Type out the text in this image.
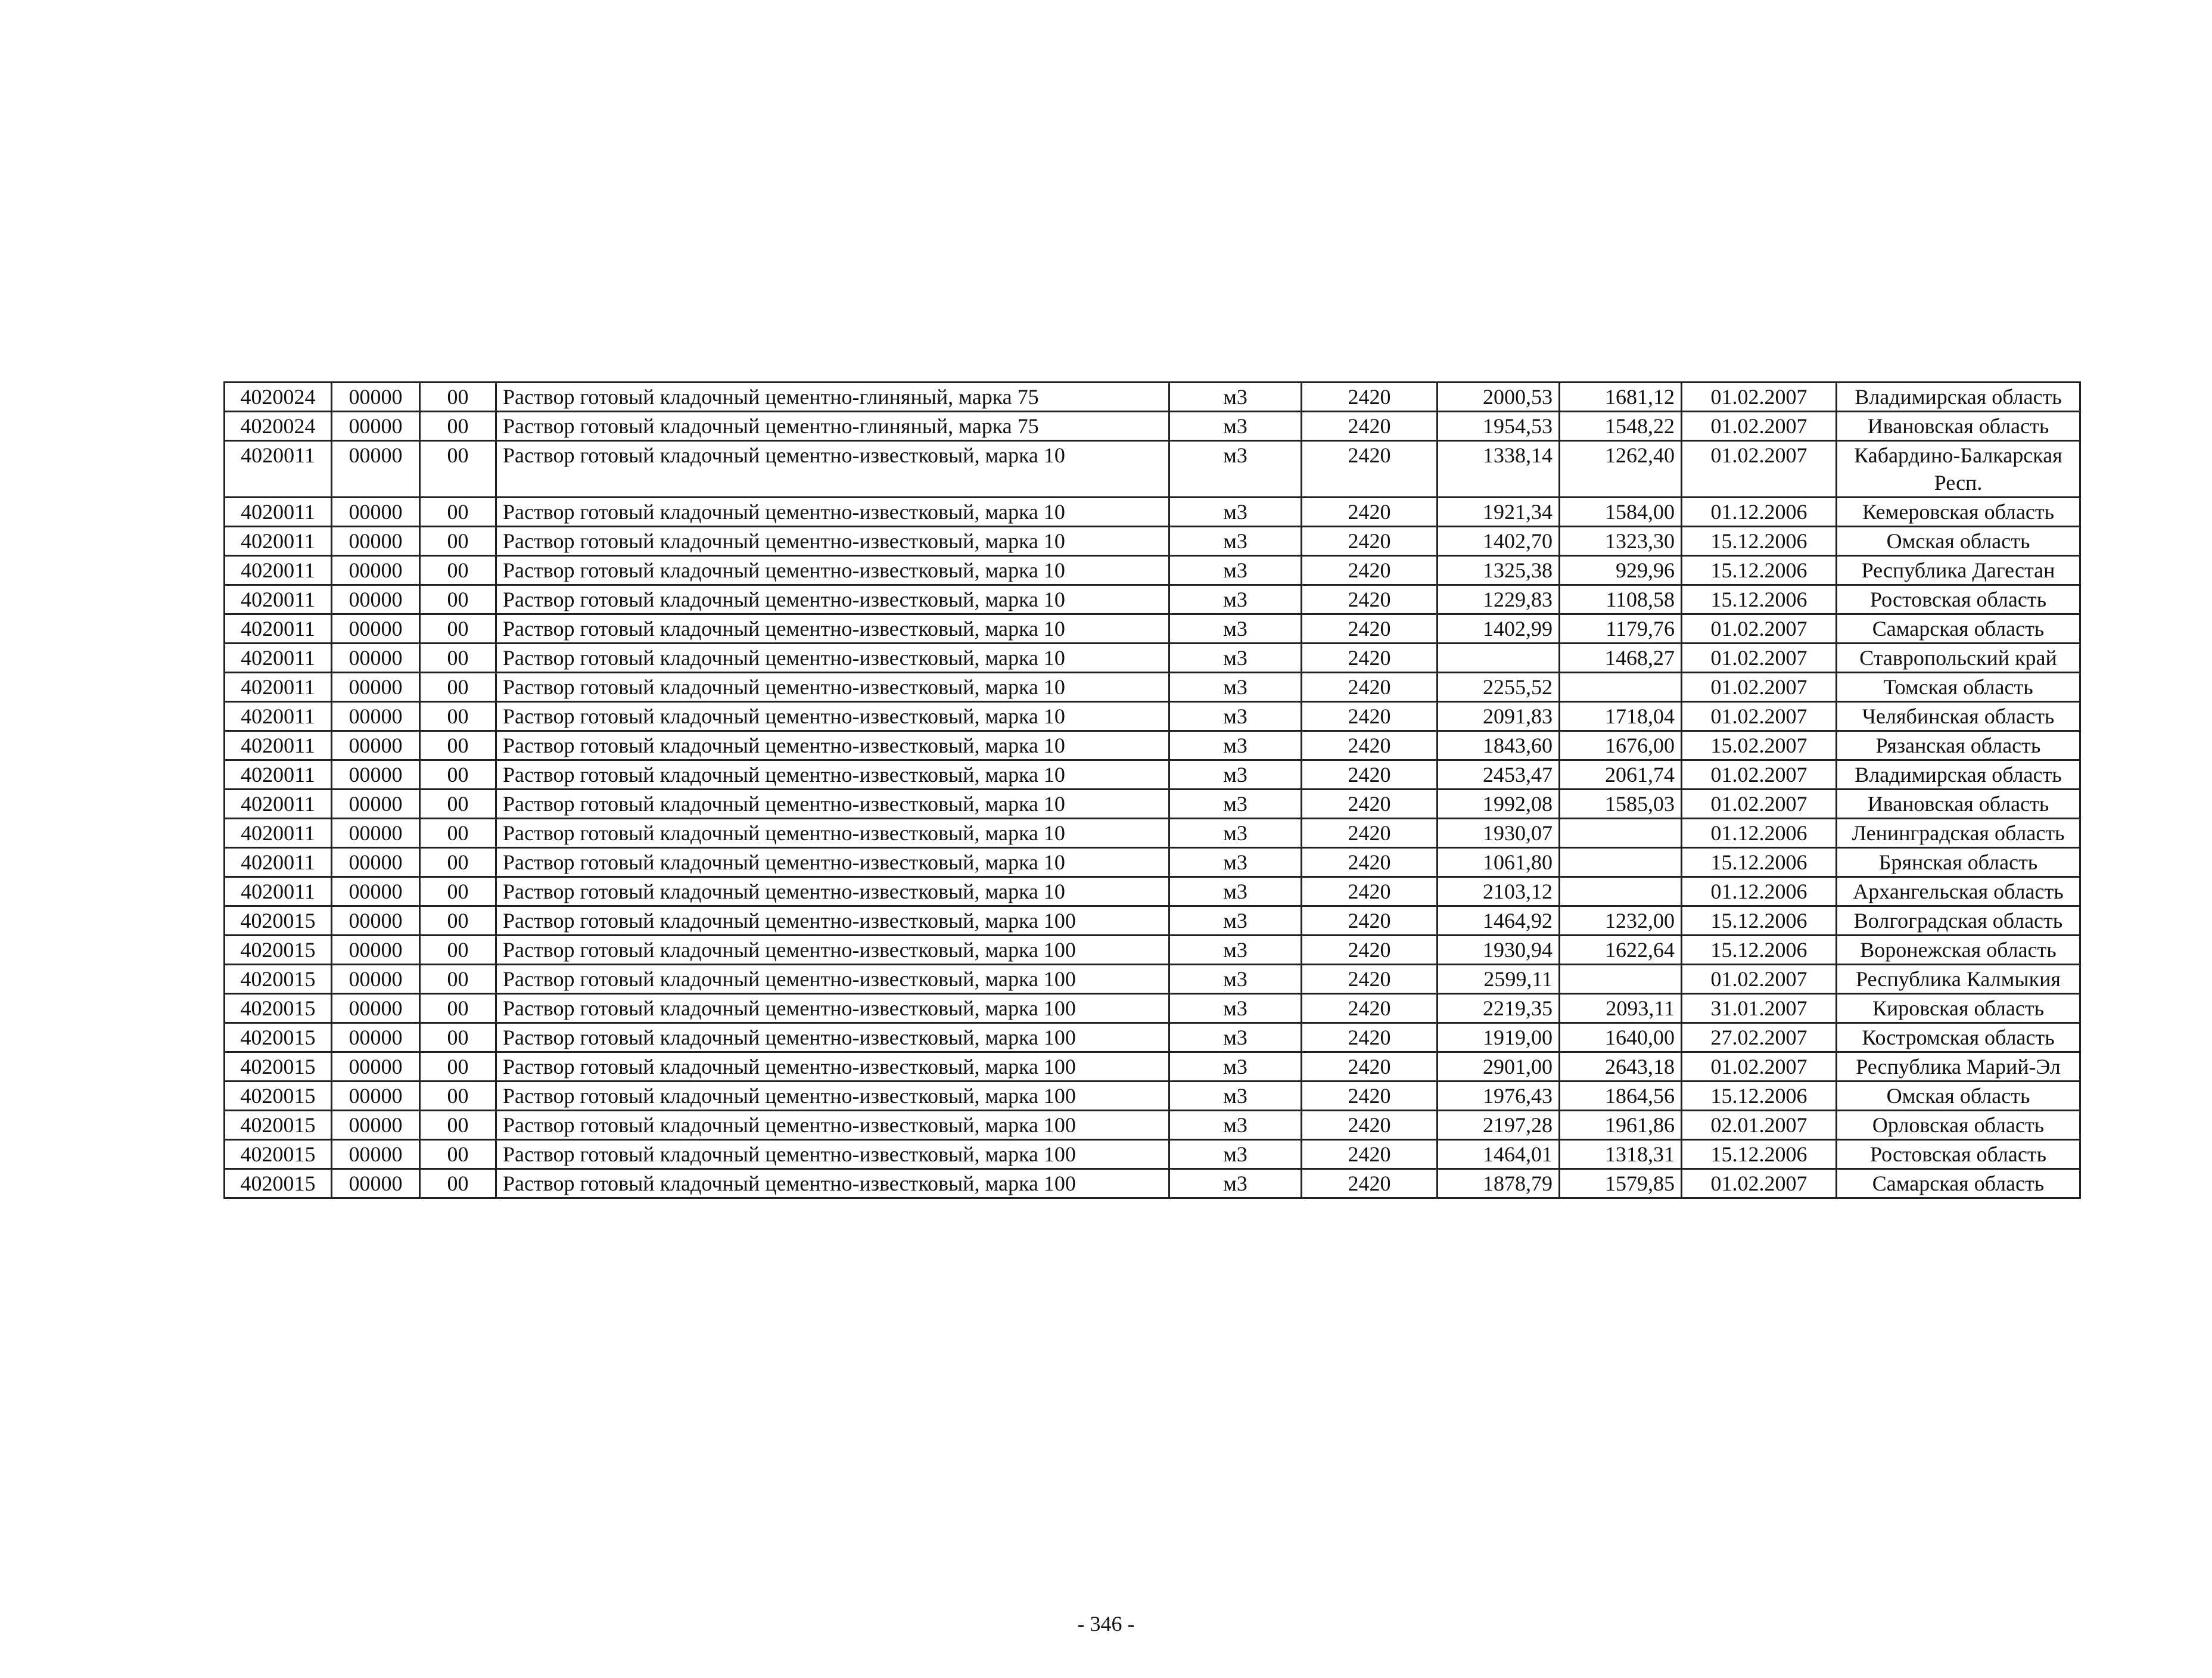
4020024	00000	00	Раствор готовый кладочный цементно-глиняный, марка 75	м3	2420	2000,53	1681,12	01.02.2007	Владимирская область
4020024	00000	00	Раствор готовый кладочный цементно-глиняный, марка 75	м3	2420	1954,53	1548,22	01.02.2007	Ивановская область
4020011	00000	00	Раствор готовый кладочный цементно-известковый, марка 10	м3	2420	1338,14	1262,40	01.02.2007	Кабардино-Балкарская Респ.
4020011	00000	00	Раствор готовый кладочный цементно-известковый, марка 10	м3	2420	1921,34	1584,00	01.12.2006	Кемеровская область
4020011	00000	00	Раствор готовый кладочный цементно-известковый, марка 10	м3	2420	1402,70	1323,30	15.12.2006	Омская область
4020011	00000	00	Раствор готовый кладочный цементно-известковый, марка 10	м3	2420	1325,38	929,96	15.12.2006	Республика Дагестан
4020011	00000	00	Раствор готовый кладочный цементно-известковый, марка 10	м3	2420	1229,83	1108,58	15.12.2006	Ростовская область
4020011	00000	00	Раствор готовый кладочный цементно-известковый, марка 10	м3	2420	1402,99	1179,76	01.02.2007	Самарская область
4020011	00000	00	Раствор готовый кладочный цементно-известковый, марка 10	м3	2420		1468,27	01.02.2007	Ставропольский край
4020011	00000	00	Раствор готовый кладочный цементно-известковый, марка 10	м3	2420	2255,52		01.02.2007	Томская область
4020011	00000	00	Раствор готовый кладочный цементно-известковый, марка 10	м3	2420	2091,83	1718,04	01.02.2007	Челябинская область
4020011	00000	00	Раствор готовый кладочный цементно-известковый, марка 10	м3	2420	1843,60	1676,00	15.02.2007	Рязанская область
4020011	00000	00	Раствор готовый кладочный цементно-известковый, марка 10	м3	2420	2453,47	2061,74	01.02.2007	Владимирская область
4020011	00000	00	Раствор готовый кладочный цементно-известковый, марка 10	м3	2420	1992,08	1585,03	01.02.2007	Ивановская область
4020011	00000	00	Раствор готовый кладочный цементно-известковый, марка 10	м3	2420	1930,07		01.12.2006	Ленинградская область
4020011	00000	00	Раствор готовый кладочный цементно-известковый, марка 10	м3	2420	1061,80		15.12.2006	Брянская область
4020011	00000	00	Раствор готовый кладочный цементно-известковый, марка 10	м3	2420	2103,12		01.12.2006	Архангельская область
4020015	00000	00	Раствор готовый кладочный цементно-известковый, марка 100	м3	2420	1464,92	1232,00	15.12.2006	Волгоградская область
4020015	00000	00	Раствор готовый кладочный цементно-известковый, марка 100	м3	2420	1930,94	1622,64	15.12.2006	Воронежская область
4020015	00000	00	Раствор готовый кладочный цементно-известковый, марка 100	м3	2420	2599,11		01.02.2007	Республика Калмыкия
4020015	00000	00	Раствор готовый кладочный цементно-известковый, марка 100	м3	2420	2219,35	2093,11	31.01.2007	Кировская область
4020015	00000	00	Раствор готовый кладочный цементно-известковый, марка 100	м3	2420	1919,00	1640,00	27.02.2007	Костромская область
4020015	00000	00	Раствор готовый кладочный цементно-известковый, марка 100	м3	2420	2901,00	2643,18	01.02.2007	Республика Марий-Эл
4020015	00000	00	Раствор готовый кладочный цементно-известковый, марка 100	м3	2420	1976,43	1864,56	15.12.2006	Омская область
4020015	00000	00	Раствор готовый кладочный цементно-известковый, марка 100	м3	2420	2197,28	1961,86	02.01.2007	Орловская область
4020015	00000	00	Раствор готовый кладочный цементно-известковый, марка 100	м3	2420	1464,01	1318,31	15.12.2006	Ростовская область
4020015	00000	00	Раствор готовый кладочный цементно-известковый, марка 100	м3	2420	1878,79	1579,85	01.02.2007	Самарская область
- 346 -
